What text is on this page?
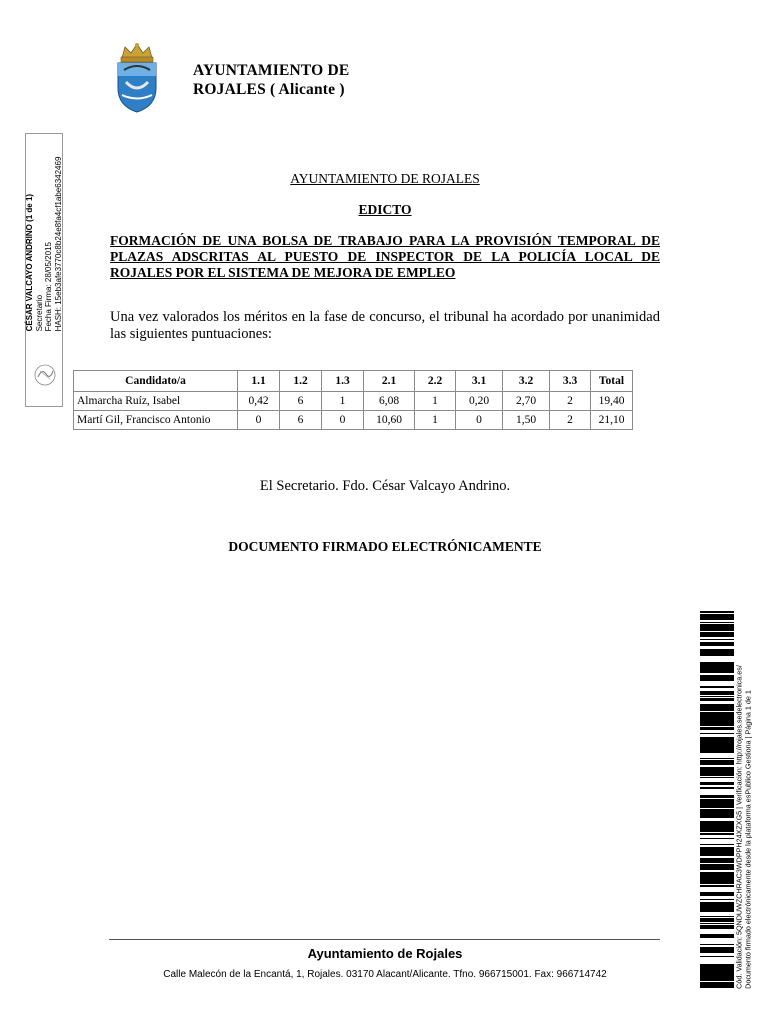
AYUNTAMIENTO DE
ROJALES ( Alicante )
CÉSAR VALCAYO ANDRINO (1 de 1) Secretario Fecha Firma: 28/05/2015 HASH: 15eb3afe3770c8b24e8fa4cf1abe6342469	AYUNTAMIENTO DE ROJALES
EDICTO
FORMACIÓN DE UNA BOLSA DE TRABAJO PARA LA PROVISIÓN TEMPORAL DE PLAZAS ADSCRITAS AL PUESTO DE INSPECTOR DE LA POLICÍA LOCAL DE ROJALES POR EL SISTEMA DE MEJORA DE EMPLEO
Una vez valorados los méritos en la fase de concurso, el tribunal ha acordado por unanimidad las siguientes puntuaciones:
Candidato/a	1.1	1.2	1.3	2.1	2.2	3.1	3.2	3.3	Total
Almarcha Ruíz, Isabel	0,42	6	1	6,08	1	0,20	2,70	2	19,40
Martí Gil, Francisco Antonio	0	6	0	10,60	1	0	1,50	2	21,10
El Secretario. Fdo. César Valcayo Andrino.
DOCUMENTO FIRMADO ELECTRÓNICAMENTE
Ayuntamiento de Rojales
Calle Malecón de la Encantá, 1, Rojales. 03170 Alacant/Alicante. Tfno. 966715001. Fax: 966714742	Cód. Validación: 5QNDUWZCHRAC3WDPPH24XZXG5 | Verificación: http://rojales.sedelectronica.es/ Documento firmado electrónicamente desde la plataforma esPublico Gestiona | Página 1 de 1
